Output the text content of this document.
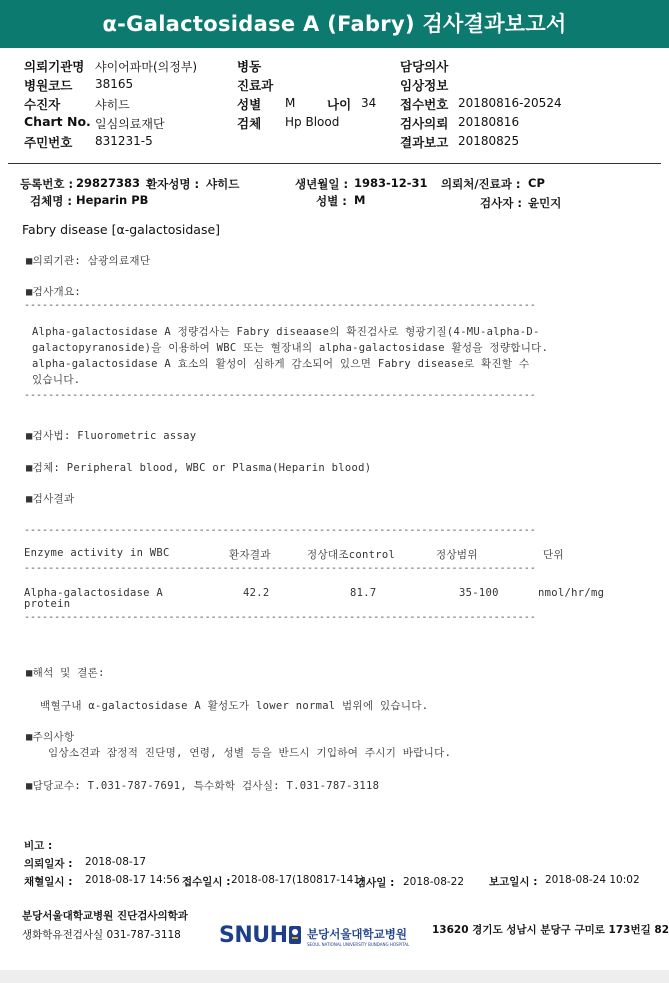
α-Galactosidase A (Fabry) 검사결과보고서
의뢰기관명 샤이어파마(의정부)
병원코드 38165
수진자	샤히드
Chart No. 일심의료재단
주민번호 831231-5
병동
진료과
성별 M	나이 34
검체 Hp Blood
담당의사
임상정보
접수번호 20180816-20524
검사의뢰 20180816
결과보고 20180825
등록번호 : 29827383 환자성명 : 샤히드	생년월일 : 1983-12-31 의뢰처/진료과 : CP
검체명 : Heparin PB	성별 : M	검사자 : 윤민지
Fabry disease [α-galactosidase]
■의뢰기관: 삼광의료재단
■검사개요:
-------------------------------------------------------------------------------------
Alpha-galactosidase A 정량검사는 Fabry diseaase의 확진검사로 형광기질(4-MU-alpha-D-
galactopyranoside)을 이용하여 WBC 또는 혈장내의 alpha-galactosidase 활성을 정량합니다.
alpha-galactosidase A 효소의 활성이 심하게 감소되어 있으면 Fabry disease로 확진할 수
있습니다.
-------------------------------------------------------------------------------------
■검사법: Fluorometric assay
■검체: Peripheral blood, WBC or Plasma(Heparin blood)
■검사결과
-------------------------------------------------------------------------------------
Enzyme activity in WBC	환자결과	정상대조control	정상범위	단위
-------------------------------------------------------------------------------------
Alpha-galactosidase A
protein
42.2	81.7	35-100	nmol/hr/mg
-------------------------------------------------------------------------------------
■해석 및 결론:
백혈구내 α-galactosidase A 활성도가 lower normal 범위에 있습니다.
■주의사항
임상소견과 잠정적 진단명, 연령, 성별 등을 반드시 기입하여 주시기 바랍니다.
■담당교수: T.031-787-7691, 특수화학 검사실: T.031-787-3118
비고 :
의뢰일자 : 2018-08-17
채혈일시 : 2018-08-17 14:56 접수일시 : 2018-08-17(180817-141)
검사일 : 2018-08-22 보고일시 : 2018-08-24 10:02
분당서울대학교병원 진단검사의학과
생화학유전검사실 031-787-3118 SNUH 분당서울대학교병원
SEOUL NATIONAL UNIVERSITY BUNDANG HOSPITAL
13620 경기도 성남시 분당구 구미로 173번길 82
